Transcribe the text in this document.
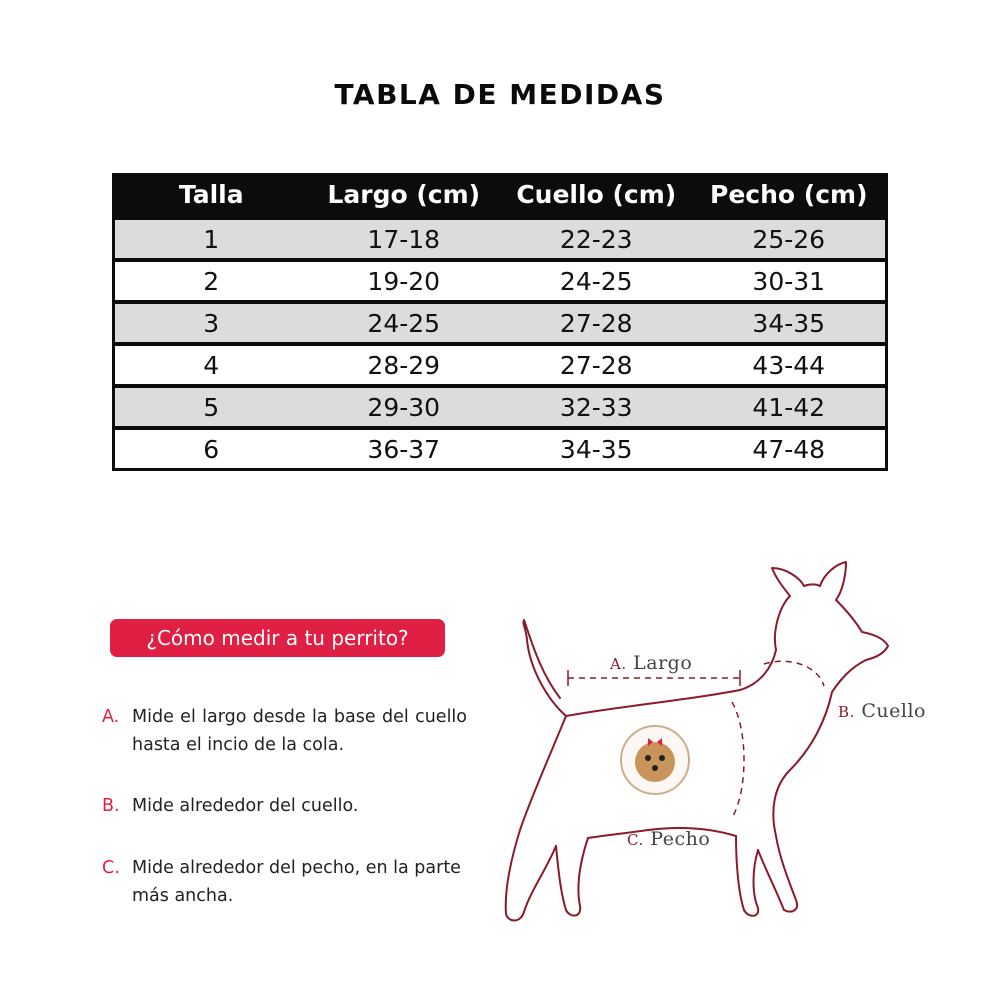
TABLA DE MEDIDAS
Talla	Largo (cm)	Cuello (cm)	Pecho (cm)
1	17-18	22-23	25-26
2	19-20	24-25	30-31
3	24-25	27-28	34-35
4	28-29	27-28	43-44
5	29-30	32-33	41-42
6	36-37	34-35	47-48
¿Cómo medir a tu perrito?
A. Mide el largo desde la base del cuello hasta el incio de la cola.
B. Mide alrededor del cuello.
C. Mide alrededor del pecho, en la parte más ancha.
A. Largo
B. Cuello
C. Pecho
